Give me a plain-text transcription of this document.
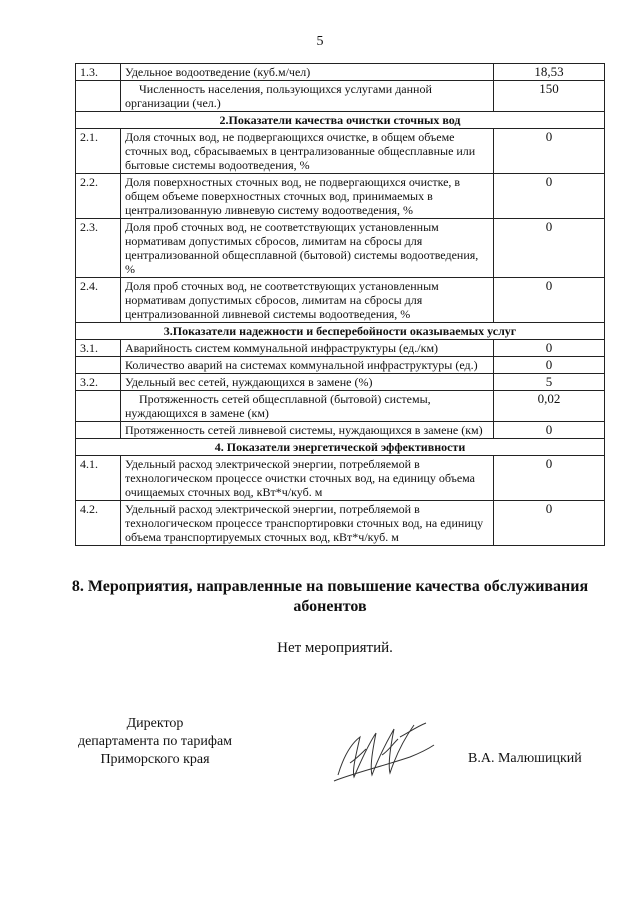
5
1.3.	Удельное водоотведение (куб.м/чел)	18,53
	Численность населения, пользующихся услугами данной организации (чел.)	150
2.Показатели качества очистки сточных вод		
2.1.	Доля сточных вод, не подвергающихся очистке, в общем объеме сточных вод, сбрасываемых в централизованные общесплавные или бытовые системы водоотведения, %	0
2.2.	Доля поверхностных сточных вод, не подвергающихся очистке, в общем объеме поверхностных сточных вод, принимаемых в централизованную ливневую систему водоотведения, %	0
2.3.	Доля проб сточных вод, не соответствующих установленным нормативам допустимых сбросов, лимитам на сбросы для централизованной общесплавной (бытовой) системы водоотведения, %	0
2.4.	Доля проб сточных вод, не соответствующих установленным нормативам допустимых сбросов, лимитам на сбросы для централизованной ливневой системы водоотведения, %	0
3.Показатели надежности и бесперебойности оказываемых услуг		
3.1.	Аварийность систем коммунальной инфраструктуры (ед./км)	0
	Количество аварий на системах коммунальной инфраструктуры (ед.)	0
3.2.	Удельный вес сетей, нуждающихся в замене (%)	5
	Протяженность сетей общесплавной (бытовой) системы, нуждающихся в замене (км)	0,02
	Протяженность сетей ливневой системы, нуждающихся в замене (км)	0
4. Показатели энергетической эффективности		
4.1.	Удельный расход электрической энергии, потребляемой в технологическом процессе очистки сточных вод, на единицу объема очищаемых сточных вод, кВт*ч/куб. м	0
4.2.	Удельный расход электрической энергии, потребляемой в технологическом процессе транспортировки сточных вод, на единицу объема транспортируемых сточных вод, кВт*ч/куб. м	0
8. Мероприятия, направленные на повышение качества обслуживания абонентов
Нет мероприятий.
Директор
департамента по тарифам
Приморского края	В.А. Малюшицкий
